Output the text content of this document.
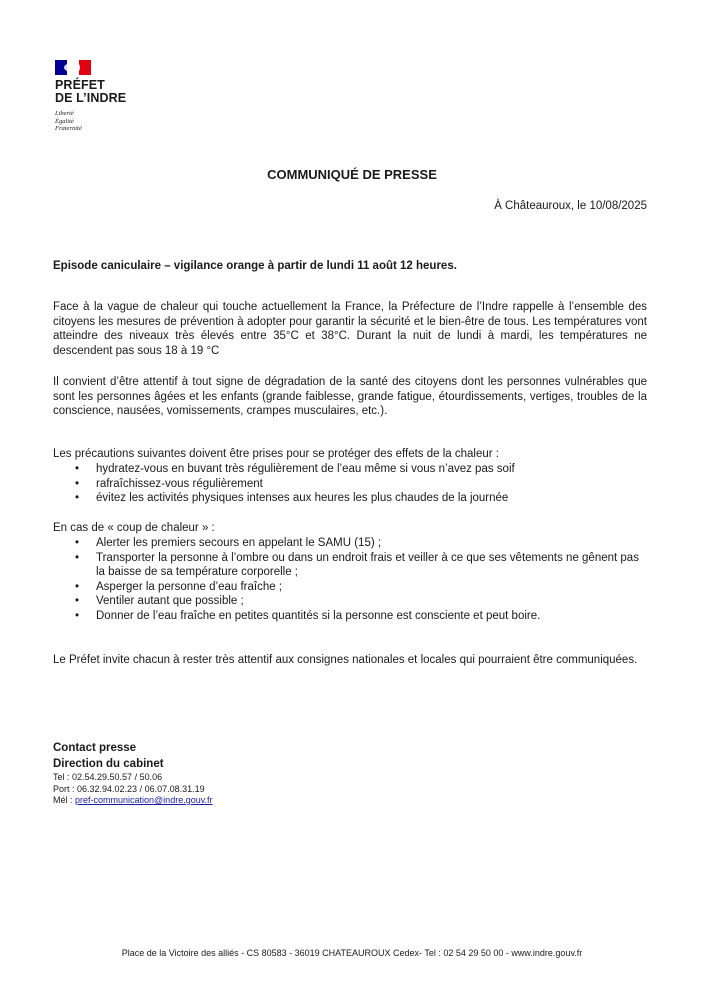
PRÉFET
DE L’INDRE
Liberté
Égalité
Fraternité
COMMUNIQUÉ DE PRESSE
À Châteauroux, le 10/08/2025
Episode caniculaire – vigilance orange à partir de lundi 11 août 12 heures.

Face à la vague de chaleur qui touche actuellement la France, la Préfecture de l’Indre rappelle à l’ensemble des citoyens les mesures de prévention à adopter pour garantir la sécurité et le bien-être de tous. Les températures vont atteindre des niveaux très élevés entre 35°C et 38°C. Durant la nuit de lundi à mardi, les températures ne descendent pas sous 18 à 19 °C

Il convient d’être attentif à tout signe de dégradation de la santé des citoyens dont les personnes vulnérables que sont les personnes âgées et les enfants (grande faiblesse, grande fatigue, étourdissements, vertiges, troubles de la conscience, nausées, vomissements, crampes musculaires, etc.).

Les précautions suivantes doivent être prises pour se protéger des effets de la chaleur :

• hydratez-vous en buvant très régulièrement de l’eau même si vous n’avez pas soif
• rafraîchissez-vous régulièrement
• évitez les activités physiques intenses aux heures les plus chaudes de la journée

En cas de « coup de chaleur » :

• Alerter les premiers secours en appelant le SAMU (15) ;
• Transporter la personne à l’ombre ou dans un endroit frais et veiller à ce que ses vêtements ne gênent pas la baisse de sa température corporelle ;
• Asperger la personne d’eau fraîche ;
• Ventiler autant que possible ;
• Donner de l’eau fraîche en petites quantités si la personne est consciente et peut boire.

Le Préfet invite chacun à rester très attentif aux consignes nationales et locales qui pourraient être communiquées.

Contact presse
Direction du cabinet
Tel : 02.54.29.50.57 / 50.06
Port : 06.32.94.02.23 / 06.07.08.31.19
Mél : pref-communication@indre.gouv.fr
Place de la Victoire des alliés - CS 80583 - 36019 CHATEAUROUX Cedex- Tel : 02 54 29 50 00 - www.indre.gouv.fr
